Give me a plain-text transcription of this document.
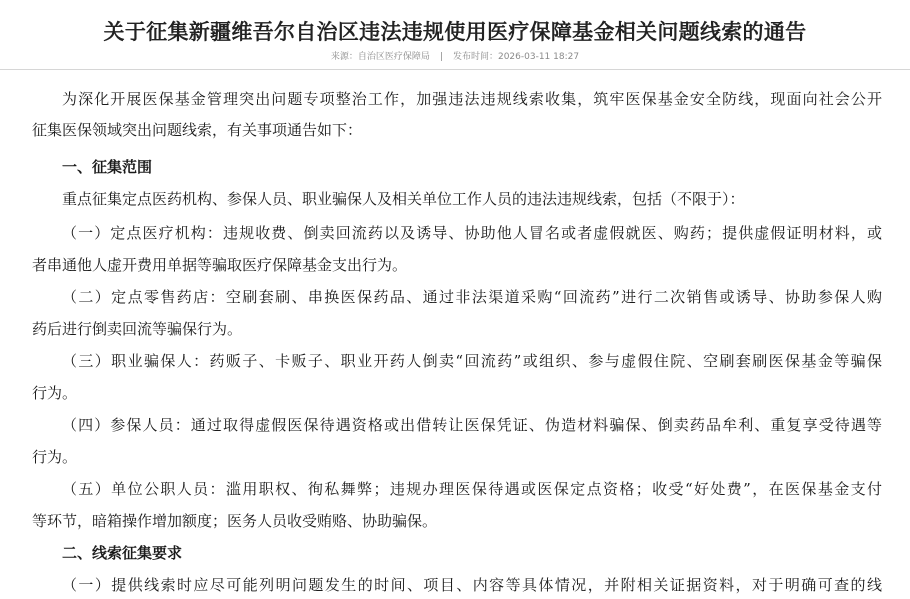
关于征集新疆维吾尔自治区违法违规使用医疗保障基金相关问题线索的通告
来源：自治区医疗保障局 | 发布时间：2026-03-11 18:27
为深化开展医保基金管理突出问题专项整治工作，加强违法违规线索收集，筑牢医保基金安全防线，现面向社会公开
征集医保领域突出问题线索，有关事项通告如下：
一、征集范围
重点征集定点医药机构、参保人员、职业骗保人及相关单位工作人员的违法违规线索，包括（不限于）：
（一）定点医疗机构：违规收费、倒卖回流药以及诱导、协助他人冒名或者虚假就医、购药；提供虚假证明材料，或
者串通他人虚开费用单据等骗取医疗保障基金支出行为。
（二）定点零售药店：空刷套刷、串换医保药品、通过非法渠道采购“回流药”进行二次销售或诱导、协助参保人购
药后进行倒卖回流等骗保行为。
（三）职业骗保人：药贩子、卡贩子、职业开药人倒卖“回流药”或组织、参与虚假住院、空刷套刷医保基金等骗保
行为。
（四）参保人员：通过取得虚假医保待遇资格或出借转让医保凭证、伪造材料骗保、倒卖药品牟利、重复享受待遇等
行为。
（五）单位公职人员：滥用职权、徇私舞弊；违规办理医保待遇或医保定点资格；收受“好处费”，在医保基金支付
等环节，暗箱操作增加额度；医务人员收受贿赂、协助骗保。
二、线索征集要求
（一）提供线索时应尽可能列明问题发生的时间、项目、内容等具体情况，并附相关证据资料，对于明确可查的线
